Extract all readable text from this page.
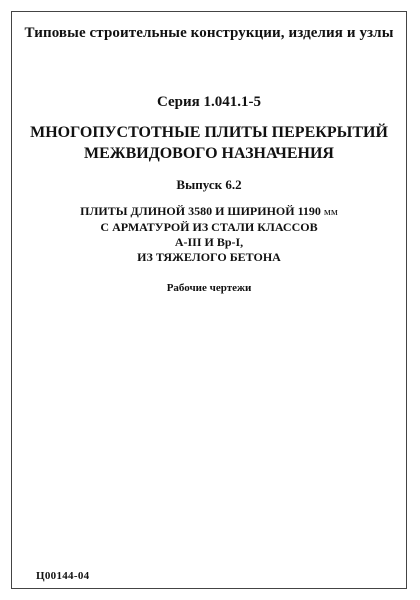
Типовые строительные конструкции, изделия и узлы
Серия 1.041.1-5
МНОГОПУСТОТНЫЕ ПЛИТЫ ПЕРЕКРЫТИЙ
МЕЖВИДОВОГО НАЗНАЧЕНИЯ
Выпуск 6.2
ПЛИТЫ ДЛИНОЙ 3580 И ШИРИНОЙ 1190 мм
С АРМАТУРОЙ ИЗ СТАЛИ КЛАССОВ
А-III И Вр-I,
ИЗ ТЯЖЕЛОГО БЕТОНА
Рабочие чертежи
Ц00144-04
